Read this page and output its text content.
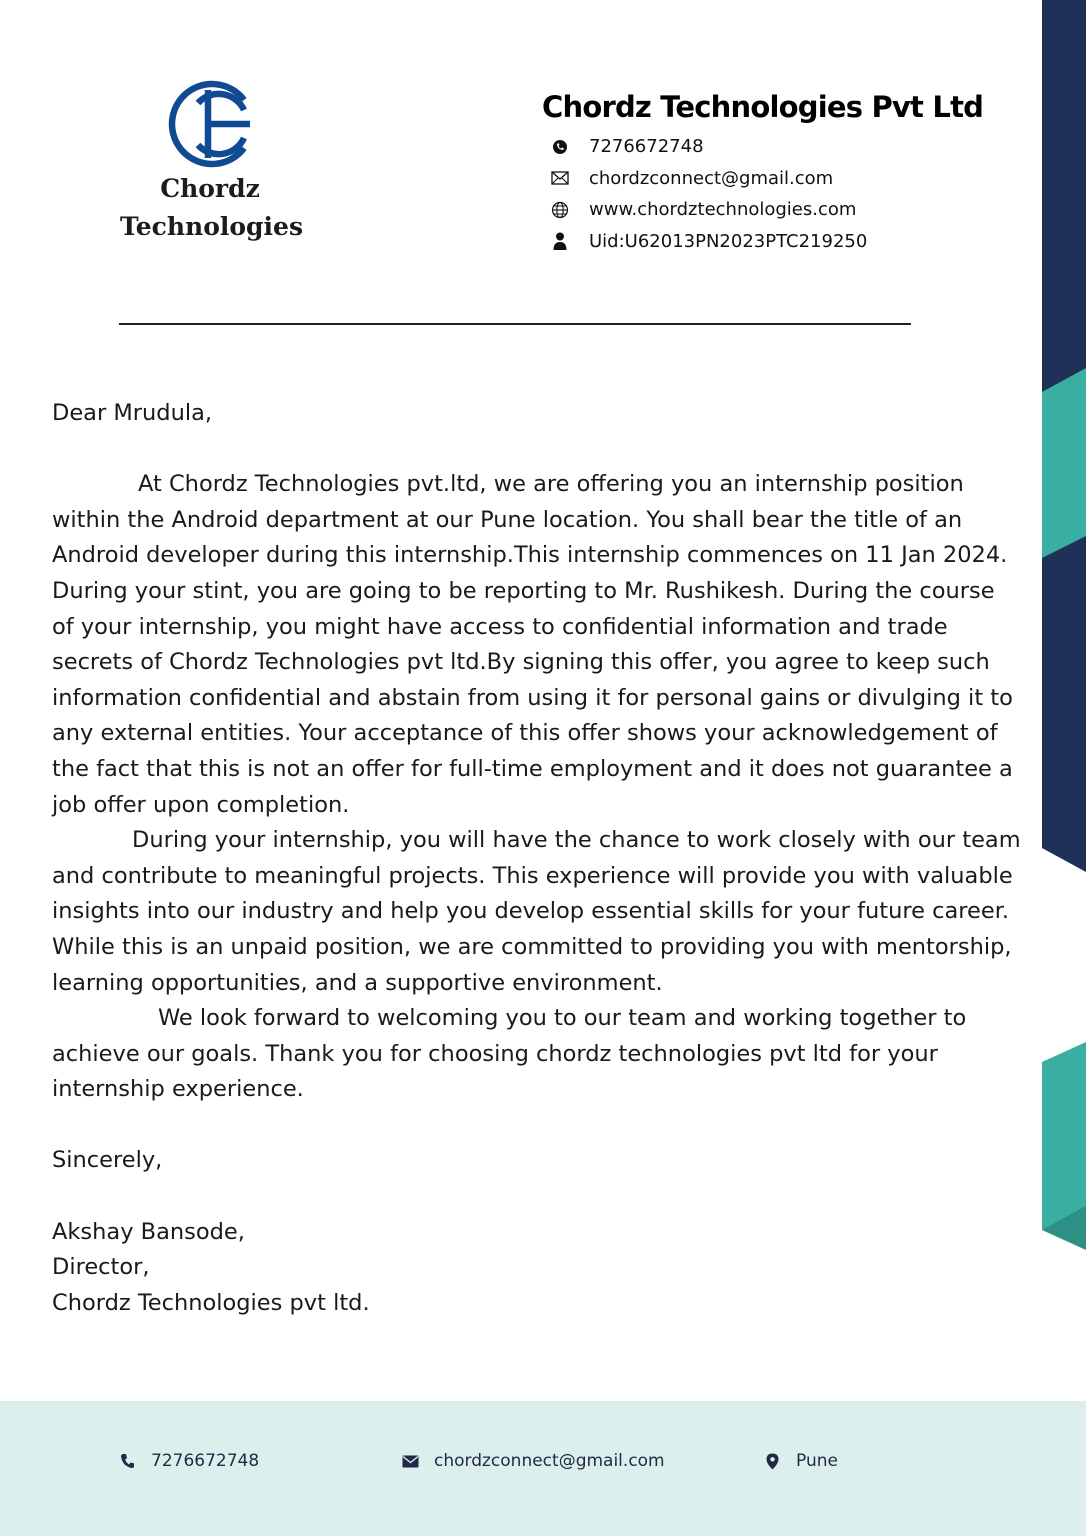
Chordz
Technologies
Chordz Technologies Pvt Ltd
7276672748
chordzconnect@gmail.com
www.chordztechnologies.com
Uid:U62013PN2023PTC219250

Dear Mrudula,

At Chordz Technologies pvt.ltd, we are offering you an internship position within the Android department at our Pune location. You shall bear the title of an Android developer during this internship.This internship commences on 11 Jan 2024. During your stint, you are going to be reporting to Mr. Rushikesh. During the course of your internship, you might have access to confidential information and trade secrets of Chordz Technologies pvt ltd.By signing this offer, you agree to keep such information confidential and abstain from using it for personal gains or divulging it to any external entities. Your acceptance of this offer shows your acknowledgement of the fact that this is not an offer for full-time employment and it does not guarantee a job offer upon completion.

During your internship, you will have the chance to work closely with our team and contribute to meaningful projects. This experience will provide you with valuable insights into our industry and help you develop essential skills for your future career. While this is an unpaid position, we are committed to providing you with mentorship, learning opportunities, and a supportive environment.

We look forward to welcoming you to our team and working together to achieve our goals. Thank you for choosing chordz technologies pvt ltd for your internship experience.

Sincerely,

Akshay Bansode,

Director,

Chordz Technologies pvt ltd.

7276672748	chordzconnect@gmail.com	Pune
